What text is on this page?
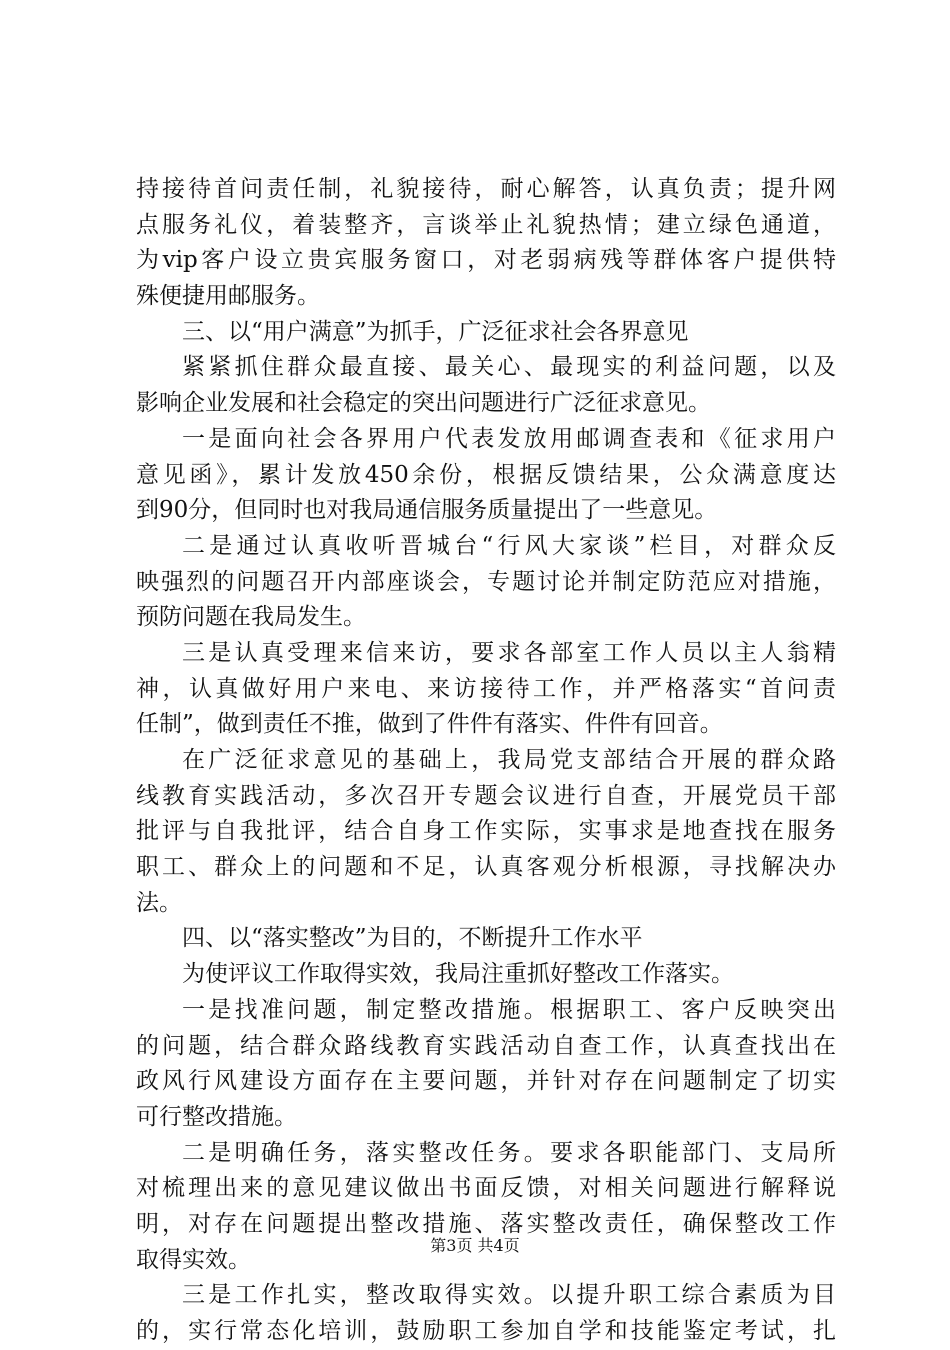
持接待首问责任制，礼貌接待，耐心解答，认真负责；提升网
点服务礼仪，着装整齐，言谈举止礼貌热情；建立绿色通道，
为vip客户设立贵宾服务窗口，对老弱病残等群体客户提供特
殊便捷用邮服务。
三、以“用户满意”为抓手，广泛征求社会各界意见
紧紧抓住群众最直接、最关心、最现实的利益问题，以及
影响企业发展和社会稳定的突出问题进行广泛征求意见。
一是面向社会各界用户代表发放用邮调查表和《征求用户
意见函》，累计发放450余份，根据反馈结果，公众满意度达
到90分，但同时也对我局通信服务质量提出了一些意见。
二是通过认真收听晋城台“行风大家谈”栏目，对群众反
映强烈的问题召开内部座谈会，专题讨论并制定防范应对措施，
预防问题在我局发生。
三是认真受理来信来访，要求各部室工作人员以主人翁精
神，认真做好用户来电、来访接待工作，并严格落实“首问责
任制”，做到责任不推，做到了件件有落实、件件有回音。
在广泛征求意见的基础上，我局党支部结合开展的群众路
线教育实践活动，多次召开专题会议进行自查，开展党员干部
批评与自我批评，结合自身工作实际，实事求是地查找在服务
职工、群众上的问题和不足，认真客观分析根源，寻找解决办
法。
四、以“落实整改”为目的，不断提升工作水平
为使评议工作取得实效，我局注重抓好整改工作落实。
一是找准问题，制定整改措施。根据职工、客户反映突出
的问题，结合群众路线教育实践活动自查工作，认真查找出在
政风行风建设方面存在主要问题，并针对存在问题制定了切实
可行整改措施。
二是明确任务，落实整改任务。要求各职能部门、支局所
对梳理出来的意见建议做出书面反馈，对相关问题进行解释说
明，对存在问题提出整改措施、落实整改责任，确保整改工作
取得实效。
三是工作扎实，整改取得实效。以提升职工综合素质为目
的，实行常态化培训，鼓励职工参加自学和技能鉴定考试，扎
第3页 共4页
